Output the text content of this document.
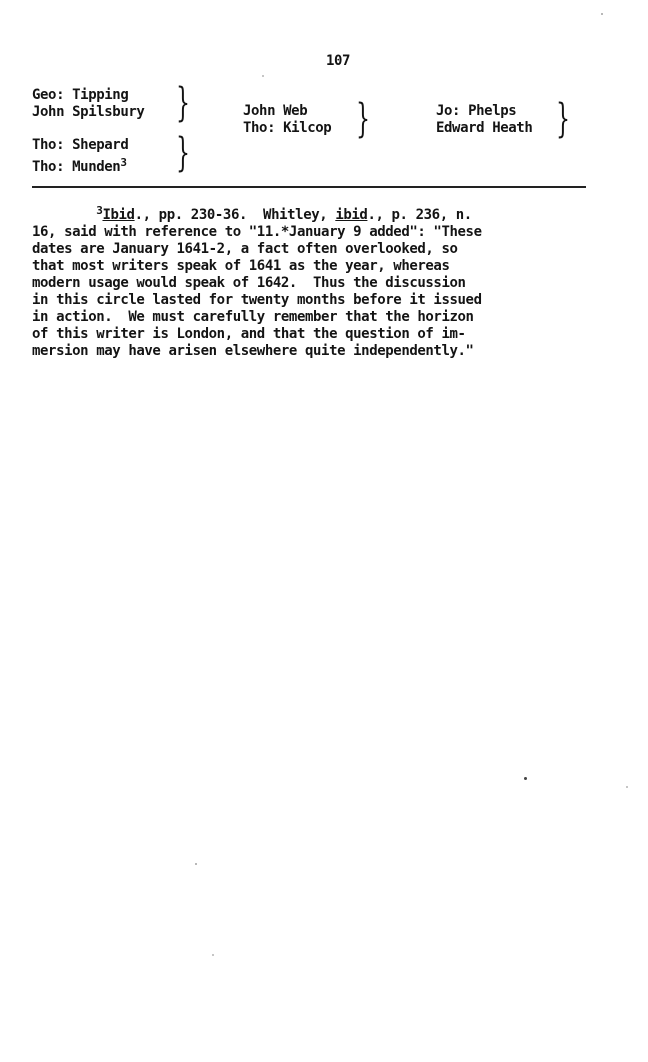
107
Geo: Tipping
John Spilsbury }	John Web
Tho: Kilcop }	Jo: Phelps
Edward Heath }
Tho: Shepard
Tho: Munden$^3$ }
$^3$Ibid., pp. 230-36.  Whitley, ibid., p. 236, n.
16, said with reference to "11.*January 9 added": "These
dates are January 1641-2, a fact often overlooked, so
that most writers speak of 1641 as the year, whereas
modern usage would speak of 1642.  Thus the discussion
in this circle lasted for twenty months before it issued
in action.  We must carefully remember that the horizon
of this writer is London, and that the question of im-
mersion may have arisen elsewhere quite independently."
